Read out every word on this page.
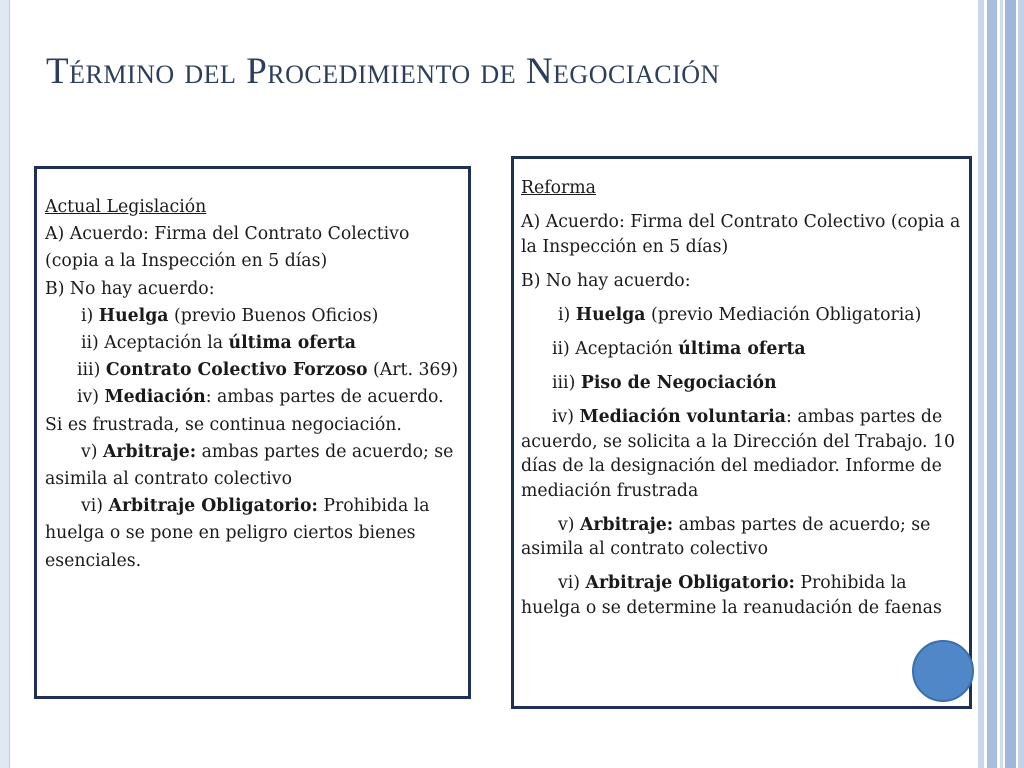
Término del Procedimiento de Negociación

Actual Legislación

A) Acuerdo: Firma del Contrato Colectivo (copia a la Inspección en 5 días)

B) No hay acuerdo:

i) Huelga (previo Buenos Oficios)

ii) Aceptación la última oferta

iii) Contrato Colectivo Forzoso (Art. 369)

iv) Mediación: ambas partes de acuerdo. Si es frustrada, se continua negociación.

v) Arbitraje: ambas partes de acuerdo; se asimila al contrato colectivo

vi) Arbitraje Obligatorio: Prohibida la huelga o se pone en peligro ciertos bienes esenciales.

Reforma

A) Acuerdo: Firma del Contrato Colectivo (copia a la Inspección en 5 días)

B) No hay acuerdo:

i) Huelga (previo Mediación Obligatoria)

ii) Aceptación última oferta

iii) Piso de Negociación

iv) Mediación voluntaria: ambas partes de acuerdo, se solicita a la Dirección del Trabajo. 10 días de la designación del mediador. Informe de mediación frustrada

v) Arbitraje: ambas partes de acuerdo; se asimila al contrato colectivo

vi) Arbitraje Obligatorio: Prohibida la huelga o se determine la reanudación de faenas
